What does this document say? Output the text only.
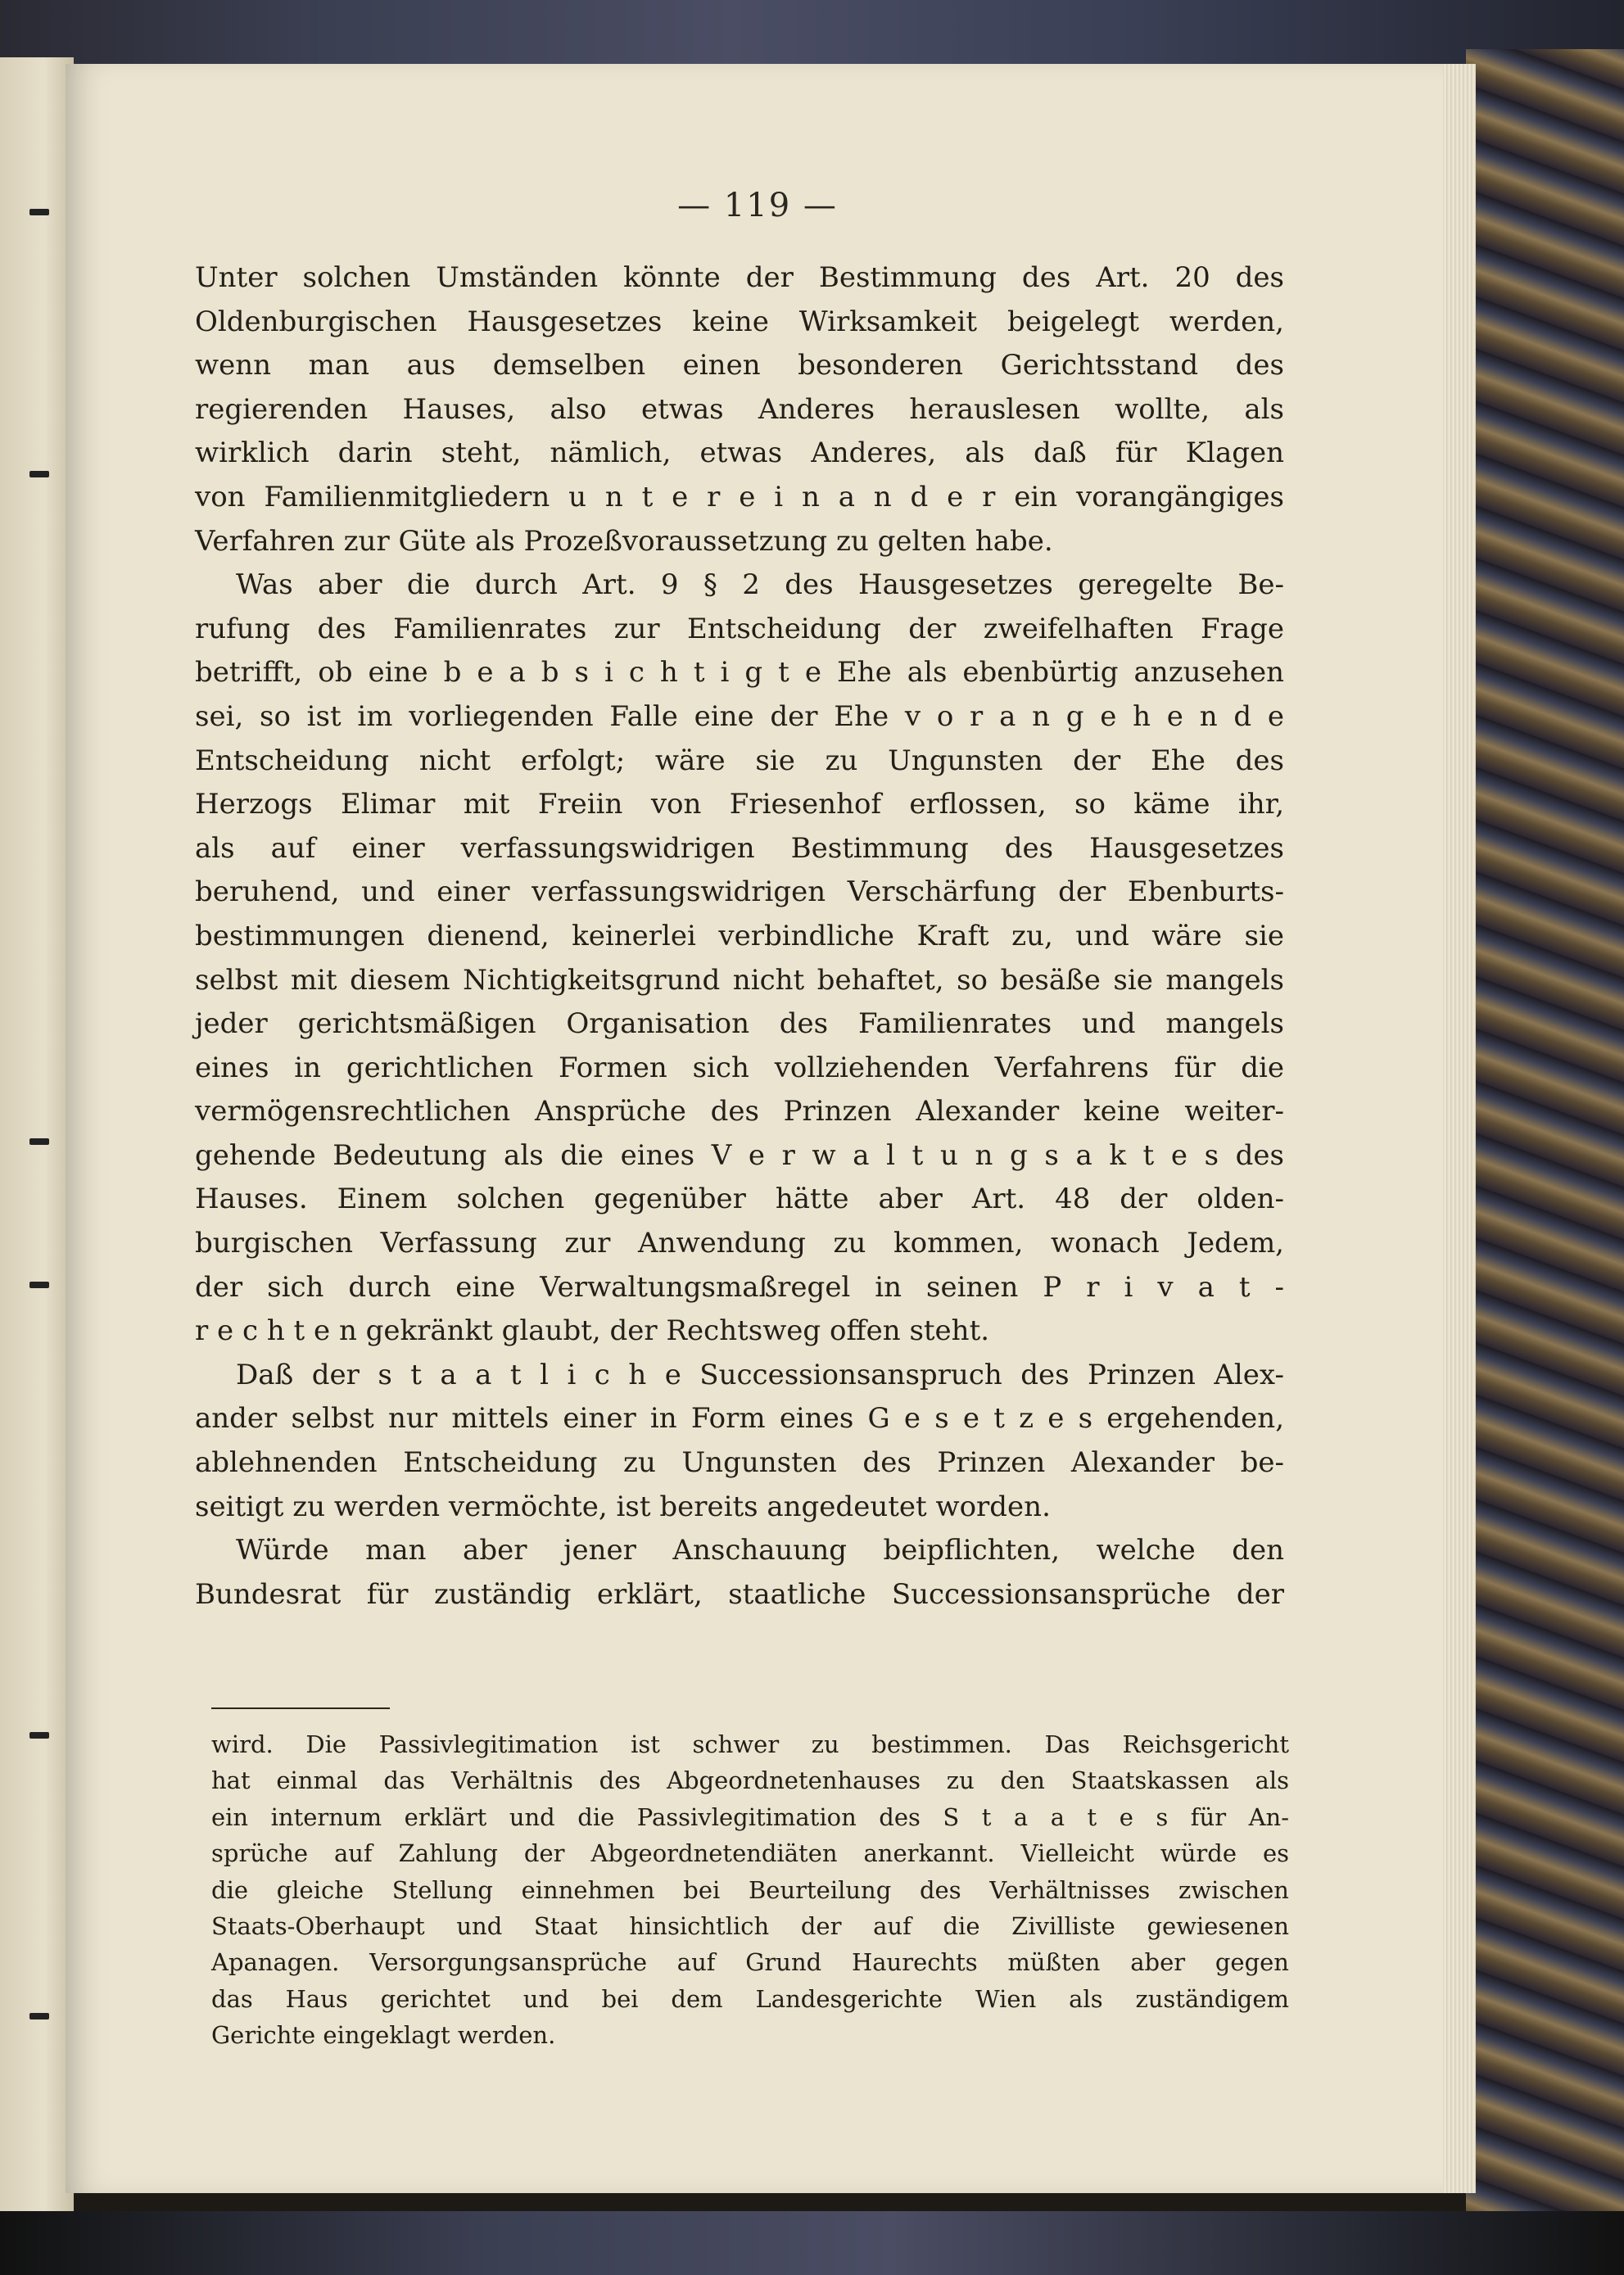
— 119 —
Unter solchen Umständen könnte der Bestimmung des Art. 20 des
Oldenburgischen Hausgesetzes keine Wirksamkeit beigelegt werden,
wenn man aus demselben einen besonderen Gerichtsstand des
regierenden Hauses, also etwas Anderes herauslesen wollte, als
wirklich darin steht, nämlich, etwas Anderes, als daß für Klagen
von Familienmitgliedern u n t e r e i n a n d e r ein vorangängiges
Verfahren zur Güte als Prozeßvoraussetzung zu gelten habe.
Was aber die durch Art. 9 § 2 des Hausgesetzes geregelte Be-
rufung des Familienrates zur Entscheidung der zweifelhaften Frage
betrifft, ob eine b e a b s i c h t i g t e Ehe als ebenbürtig anzusehen
sei, so ist im vorliegenden Falle eine der Ehe v o r a n g e h e n d e
Entscheidung nicht erfolgt; wäre sie zu Ungunsten der Ehe des
Herzogs Elimar mit Freiin von Friesenhof erflossen, so käme ihr,
als auf einer verfassungswidrigen Bestimmung des Hausgesetzes
beruhend, und einer verfassungswidrigen Verschärfung der Ebenburts-
bestimmungen dienend, keinerlei verbindliche Kraft zu, und wäre sie
selbst mit diesem Nichtigkeitsgrund nicht behaftet, so besäße sie mangels
jeder gerichtsmäßigen Organisation des Familienrates und mangels
eines in gerichtlichen Formen sich vollziehenden Verfahrens für die
vermögensrechtlichen Ansprüche des Prinzen Alexander keine weiter-
gehende Bedeutung als die eines V e r w a l t u n g s a k t e s des
Hauses. Einem solchen gegenüber hätte aber Art. 48 der olden-
burgischen Verfassung zur Anwendung zu kommen, wonach Jedem,
der sich durch eine Verwaltungsmaßregel in seinen P r i v a t -
r e c h t e n gekränkt glaubt, der Rechtsweg offen steht.
Daß der s t a a t l i c h e Successionsanspruch des Prinzen Alex-
ander selbst nur mittels einer in Form eines G e s e t z e s ergehenden,
ablehnenden Entscheidung zu Ungunsten des Prinzen Alexander be-
seitigt zu werden vermöchte, ist bereits angedeutet worden.
Würde man aber jener Anschauung beipflichten, welche den
Bundesrat für zuständig erklärt, staatliche Successionsansprüche der
wird. Die Passivlegitimation ist schwer zu bestimmen. Das Reichsgericht
hat einmal das Verhältnis des Abgeordnetenhauses zu den Staatskassen als
ein internum erklärt und die Passivlegitimation des S t a a t e s für An-
sprüche auf Zahlung der Abgeordnetendiäten anerkannt. Vielleicht würde es
die gleiche Stellung einnehmen bei Beurteilung des Verhältnisses zwischen
Staats-Oberhaupt und Staat hinsichtlich der auf die Zivilliste gewiesenen
Apanagen. Versorgungsansprüche auf Grund Haurechts müßten aber gegen
das Haus gerichtet und bei dem Landesgerichte Wien als zuständigem
Gerichte eingeklagt werden.
